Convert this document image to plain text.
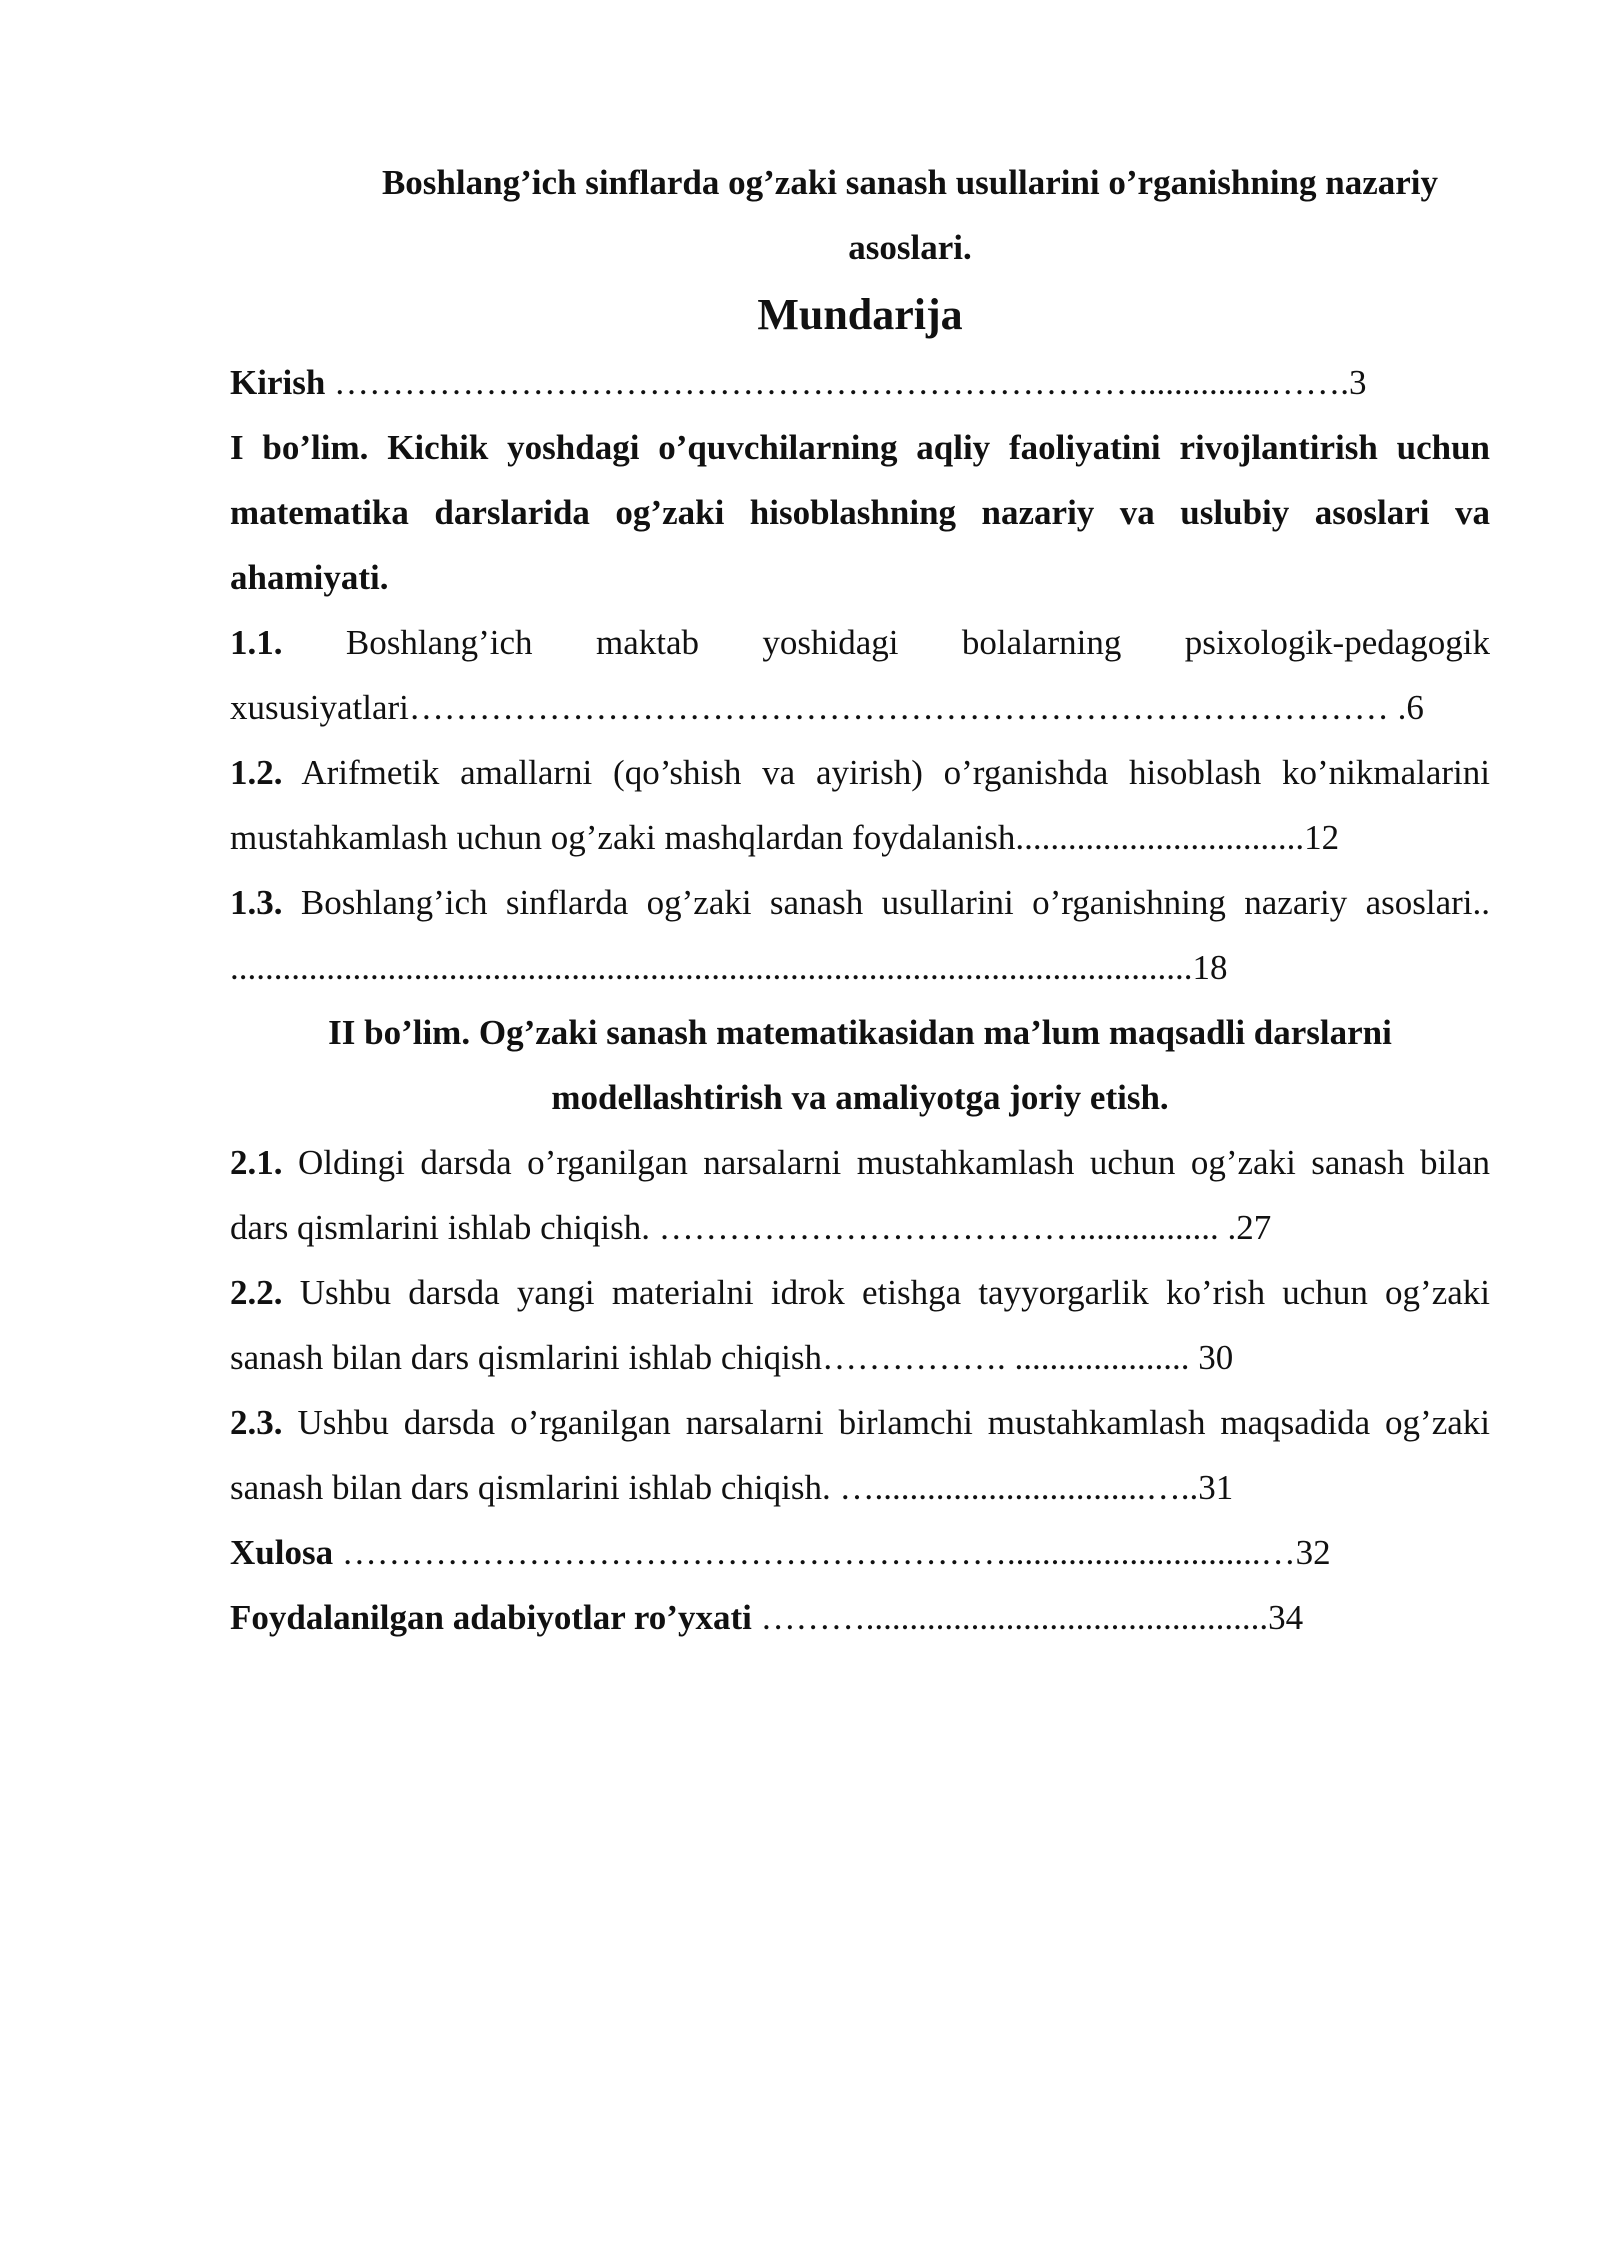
Boshlang’ich sinflarda og’zaki sanash usullarini o’rganishning nazariy
asoslari.

Mundarija

Kirish ……………………………………………………………...............…….3

I bo’lim. Kichik yoshdagi o’quvchilarning aqliy faoliyatini rivojlantirish uchun matematika darslarida og’zaki hisoblashning nazariy va uslubiy asoslari va ahamiyati.

1.1. Boshlang’ich maktab yoshidagi bolalarning psixologik-pedagogik xususiyatlari………………………………………………………………………… .6

1.2. Arifmetik amallarni (qo’shish va ayirish) o’rganishda hisoblash ko’nikmalarini mustahkamlash uchun og’zaki mashqlardan foydalanish.................................12

1.3. Boshlang’ich sinflarda og’zaki sanash usullarini o’rganishning nazariy asoslari.. ..............................................................................................................18

II bo’lim. Og’zaki sanash matematikasidan ma’lum maqsadli darslarni modellashtirish va amaliyotga joriy etish.

2.1. Oldingi darsda o’rganilgan narsalarni mustahkamlash uchun og’zaki sanash bilan dars qismlarini ishlab chiqish. ………………………………................ .27

2.2. Ushbu darsda yangi materialni idrok etishga tayyorgarlik ko’rish uchun og’zaki sanash bilan dars qismlarini ishlab chiqish……………. .................... 30

2.3. Ushbu darsda o’rganilgan narsalarni birlamchi mustahkamlash maqsadida og’zaki sanash bilan dars qismlarini ishlab chiqish. …...............................…..31

Xulosa ………………………………………………….............................…32

Foydalanilgan adabiyotlar ro’yxati ………..............................................34
